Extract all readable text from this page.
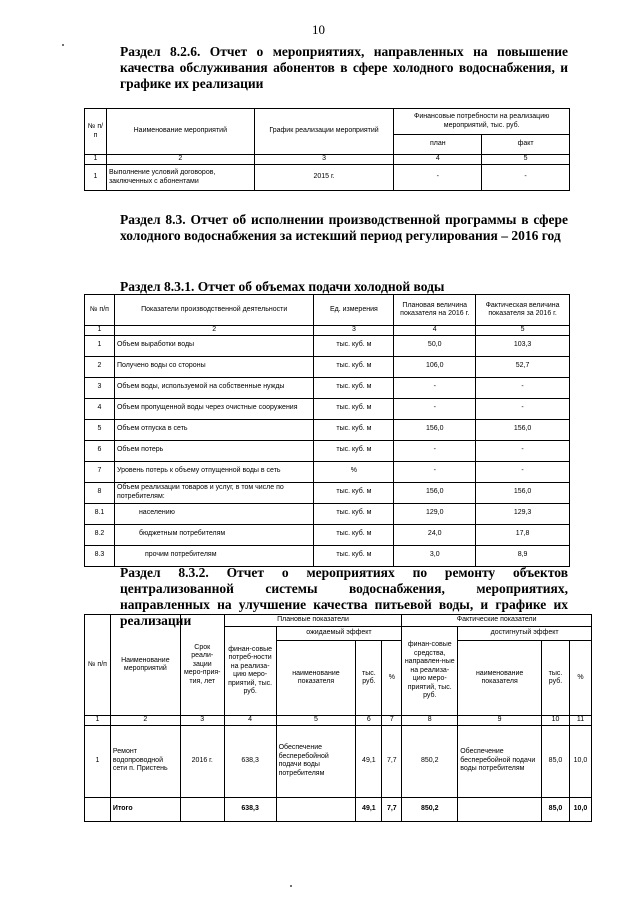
10
Раздел 8.2.6. Отчет о мероприятиях, направленных на повышение качества обслуживания абонентов в сфере холодного водоснабжения, и графике их реализации
№ п/п	Наименование мероприятий	График реализации мероприятий	Финансовые потребности на реализацию мероприятий, тыс. руб.	
			план	факт
1	2	3	4	5
1	Выполнение условий договоров, заключенных с абонентами	2015 г.	-	-
Раздел 8.3. Отчет об исполнении производственной программы в сфере холодного водоснабжения за истекший период регулирования – 2016 год
Раздел 8.3.1. Отчет об объемах подачи холодной воды
№ п/п	Показатели производственной деятельности	Ед. измерения	Плановая величина показателя на 2016 г.	Фактическая величина показателя за 2016 г.
1	2	3	4	5
1	Объем выработки воды	тыс. куб. м	50,0	103,3
2	Получено воды со стороны	тыс. куб. м	106,0	52,7
3	Объем воды, используемой на собственные нужды	тыс. куб. м	-	-
4	Объем пропущенной воды через очистные сооружения	тыс. куб. м	-	-
5	Объем отпуска в сеть	тыс. куб. м	156,0	156,0
6	Объем потерь	тыс. куб. м	-	-
7	Уровень потерь к объему отпущенной воды в сеть	%	-	-
8	Объем реализации товаров и услуг, в том числе по потребителям:	тыс. куб. м	156,0	156,0
8.1	населению	тыс. куб. м	129,0	129,3
8.2	бюджетным потребителям	тыс. куб. м	24,0	17,8
8.3	прочим потребителям	тыс. куб. м	3,0	8,9
Раздел 8.3.2. Отчет о мероприятиях по ремонту объектов централизованной системы водоснабжения, мероприятиях, направленных на улучшение качества питьевой воды, и графике их реализации
№ п/п	Наименование мероприятий	Срок реали-зации меро-прия-тия, лет	Плановые показатели				Фактические показатели			
			финан-совые потреб-ности на реализа-цию меро-приятий, тыс. руб.	ожидаемый эффект			финан-совые средства, направлен-ные на реализа-цию меро-приятий, тыс. руб.	достигнутый эффект		
				наименование показателя	тыс. руб.	%		наименование показателя	тыс. руб.	%
1	2	3	4	5	6	7	8	9	10	11
1	Ремонт водопроводной сети п. Пристень	2016 г.	638,3	Обеспечение бесперебойной подачи воды потребителям	49,1	7,7	850,2	Обеспечение бесперебойной подачи воды потребителям	85,0	10,0
	Итого		638,3		49,1	7,7	850,2		85,0	10,0
